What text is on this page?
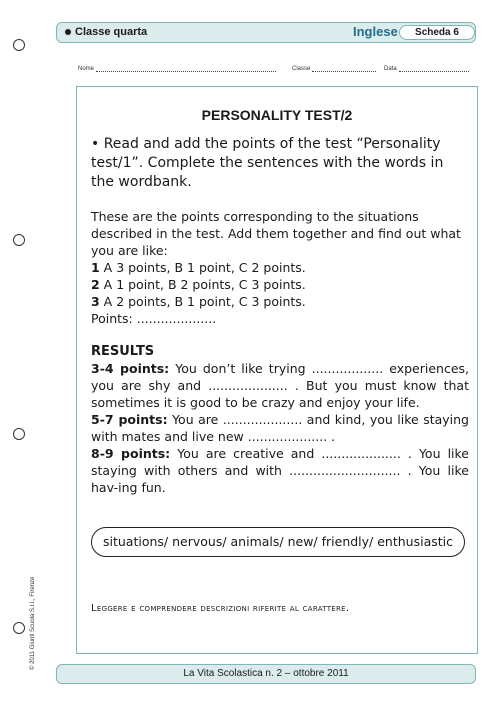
Classe quarta	Inglese	Scheda 6
Nome	Classe	Data
© 2011 Giunti Scuola S.r.l., Firenze
PERSONALITY TEST/2
• Read and add the points of the test “Personality test/1”. Complete the sentences with the words in the wordbank.

These are the points corresponding to the situations described in the test. Add them together and find out what you are like:

1 A 3 points, B 1 point, C 2 points.

2 A 1 point, B 2 points, C 3 points.

3 A 2 points, B 1 point, C 3 points.

Points: ....................

RESULTS
3-4 points: You don’t like trying .................. experiences, you are shy and .................... . But you must know that sometimes it is good to be crazy and enjoy your life.
5-7 points: You are .................... and kind, you like staying with mates and live new .................... .
8-9 points: You are creative and .................... . You like staying with others and with ............................ . You like hav-ing fun.
situations/ nervous/ animals/ new/ friendly/ enthusiastic
Leggere e comprendere descrizioni riferite al carattere.
La Vita Scolastica n. 2 – ottobre 2011
